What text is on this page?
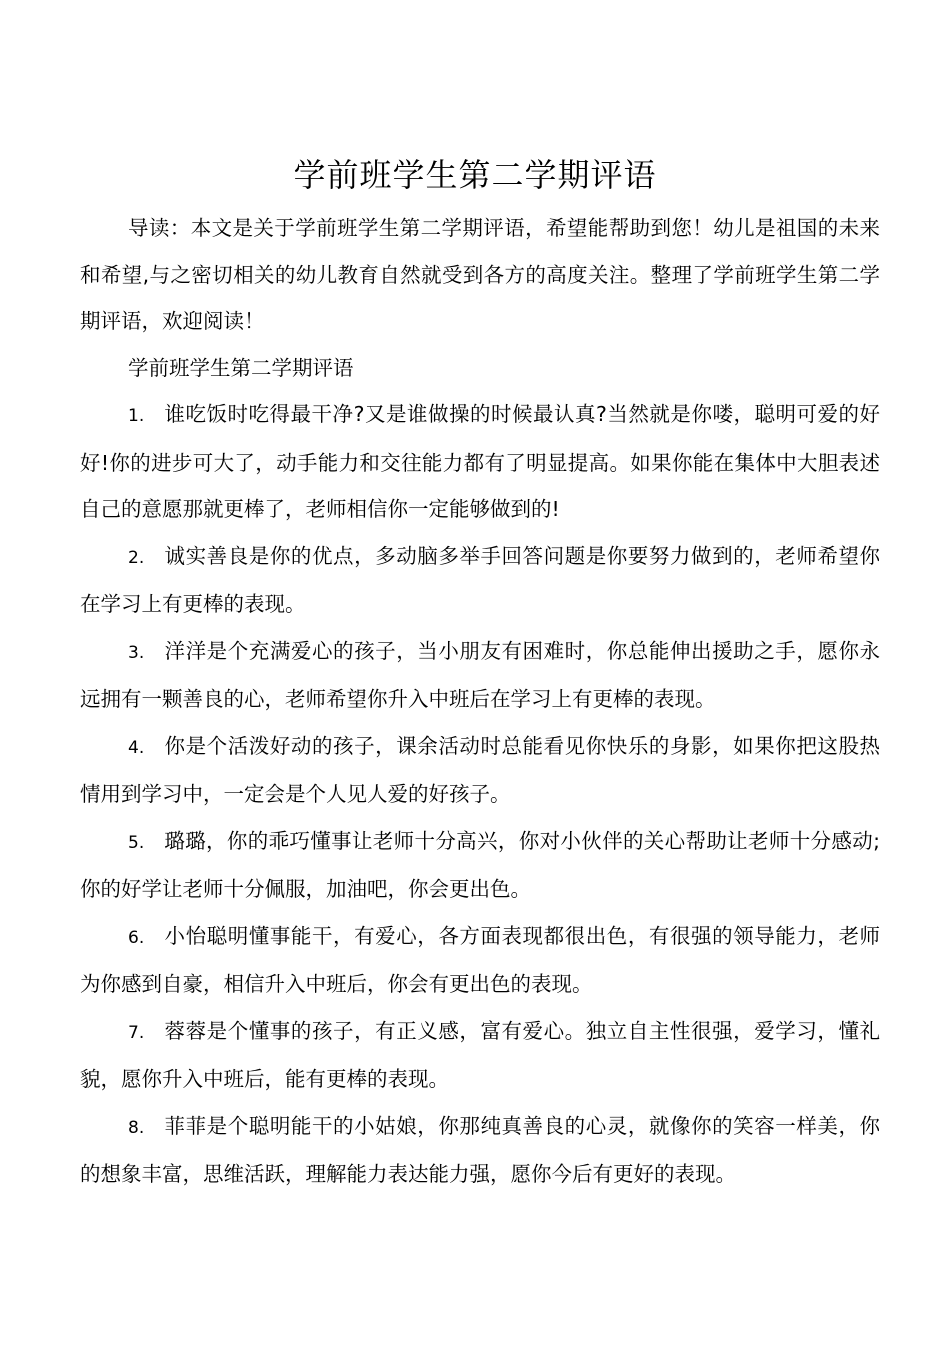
学前班学生第二学期评语

导读：本文是关于学前班学生第二学期评语，希望能帮助到您！幼儿是祖国的未来和希望,与之密切相关的幼儿教育自然就受到各方的高度关注。整理了学前班学生第二学期评语，欢迎阅读！

学前班学生第二学期评语

1. 谁吃饭时吃得最干净?又是谁做操的时候最认真?当然就是你喽，聪明可爱的好好!你的进步可大了，动手能力和交往能力都有了明显提高。如果你能在集体中大胆表述自己的意愿那就更棒了，老师相信你一定能够做到的!

2. 诚实善良是你的优点，多动脑多举手回答问题是你要努力做到的，老师希望你在学习上有更棒的表现。

3. 洋洋是个充满爱心的孩子，当小朋友有困难时，你总能伸出援助之手，愿你永远拥有一颗善良的心，老师希望你升入中班后在学习上有更棒的表现。

4. 你是个活泼好动的孩子，课余活动时总能看见你快乐的身影，如果你把这股热情用到学习中，一定会是个人见人爱的好孩子。

5. 璐璐，你的乖巧懂事让老师十分高兴，你对小伙伴的关心帮助让老师十分感动;你的好学让老师十分佩服，加油吧，你会更出色。

6. 小怡聪明懂事能干，有爱心，各方面表现都很出色，有很强的领导能力，老师为你感到自豪，相信升入中班后，你会有更出色的表现。

7. 蓉蓉是个懂事的孩子，有正义感，富有爱心。独立自主性很强，爱学习，懂礼貌，愿你升入中班后，能有更棒的表现。

8. 菲菲是个聪明能干的小姑娘，你那纯真善良的心灵，就像你的笑容一样美，你的想象丰富，思维活跃，理解能力表达能力强，愿你今后有更好的表现。
